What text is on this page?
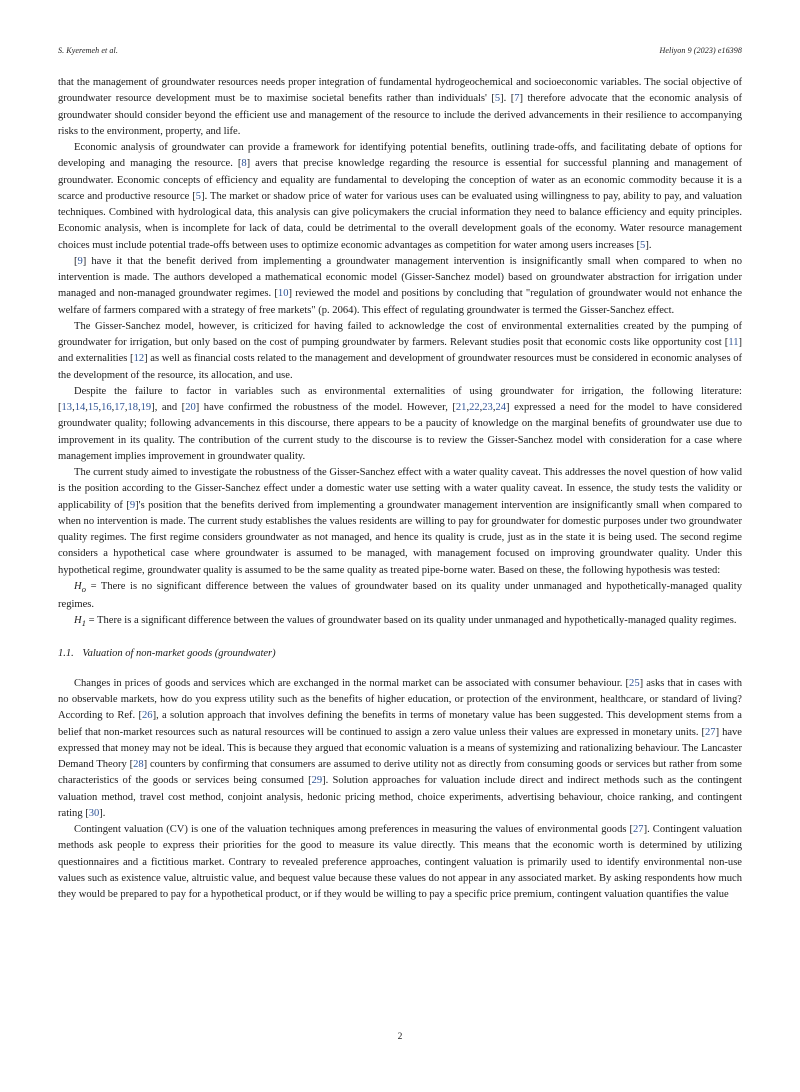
S. Kyeremeh et al.	Heliyon 9 (2023) e16398

that the management of groundwater resources needs proper integration of fundamental hydrogeochemical and socioeconomic variables. The social objective of groundwater resource development must be to maximise societal benefits rather than individuals' [5]. [7] therefore advocate that the economic analysis of groundwater should consider beyond the efficient use and management of the resource to include the derived advancements in their resilience to accompanying risks to the environment, property, and life.

Economic analysis of groundwater can provide a framework for identifying potential benefits, outlining trade-offs, and facilitating debate of options for developing and managing the resource. [8] avers that precise knowledge regarding the resource is essential for successful planning and management of groundwater. Economic concepts of efficiency and equality are fundamental to developing the conception of water as an economic commodity because it is a scarce and productive resource [5]. The market or shadow price of water for various uses can be evaluated using willingness to pay, ability to pay, and valuation techniques. Combined with hydrological data, this analysis can give policymakers the crucial information they need to balance efficiency and equity principles. Economic analysis, when is incomplete for lack of data, could be detrimental to the overall development goals of the economy. Water resource management choices must include potential trade-offs between uses to optimize economic advantages as competition for water among users increases [5].

[9] have it that the benefit derived from implementing a groundwater management intervention is insignificantly small when compared to when no intervention is made. The authors developed a mathematical economic model (Gisser-Sanchez model) based on groundwater abstraction for irrigation under managed and non-managed groundwater regimes. [10] reviewed the model and positions by concluding that "regulation of groundwater would not enhance the welfare of farmers compared with a strategy of free markets" (p. 2064). This effect of regulating groundwater is termed the Gisser-Sanchez effect.

The Gisser-Sanchez model, however, is criticized for having failed to acknowledge the cost of environmental externalities created by the pumping of groundwater for irrigation, but only based on the cost of pumping groundwater by farmers. Relevant studies posit that economic costs like opportunity cost [11] and externalities [12] as well as financial costs related to the management and development of groundwater resources must be considered in economic analyses of the development of the resource, its allocation, and use.

Despite the failure to factor in variables such as environmental externalities of using groundwater for irrigation, the following literature: [13,14,15,16,17,18,19], and [20] have confirmed the robustness of the model. However, [21,22,23,24] expressed a need for the model to have considered groundwater quality; following advancements in this discourse, there appears to be a paucity of knowledge on the marginal benefits of groundwater use due to improvement in its quality. The contribution of the current study to the discourse is to review the Gisser-Sanchez model with consideration for a case where management implies improvement in groundwater quality.

The current study aimed to investigate the robustness of the Gisser-Sanchez effect with a water quality caveat. This addresses the novel question of how valid is the position according to the Gisser-Sanchez effect under a domestic water use setting with a water quality caveat. In essence, the study tests the validity or applicability of [9]'s position that the benefits derived from implementing a groundwater management intervention are insignificantly small when compared to when no intervention is made. The current study establishes the values residents are willing to pay for groundwater for domestic purposes under two groundwater quality regimes. The first regime considers groundwater as not managed, and hence its quality is crude, just as in the state it is being used. The second regime considers a hypothetical case where groundwater is assumed to be managed, with management focused on improving groundwater quality. Under this hypothetical regime, groundwater quality is assumed to be the same quality as treated pipe-borne water. Based on these, the following hypothesis was tested:

$H_o$ = There is no significant difference between the values of groundwater based on its quality under unmanaged and hypothetically-managed quality regimes.

$H_1$ = There is a significant difference between the values of groundwater based on its quality under unmanaged and hypothetically-managed quality regimes.

1.1. Valuation of non-market goods (groundwater)

Changes in prices of goods and services which are exchanged in the normal market can be associated with consumer behaviour. [25] asks that in cases with no observable markets, how do you express utility such as the benefits of higher education, or protection of the environment, healthcare, or standard of living? According to Ref. [26], a solution approach that involves defining the benefits in terms of monetary value has been suggested. This development stems from a belief that non-market resources such as natural resources will be continued to assign a zero value unless their values are expressed in monetary units. [27] have expressed that money may not be ideal. This is because they argued that economic valuation is a means of systemizing and rationalizing behaviour. The Lancaster Demand Theory [28] counters by confirming that consumers are assumed to derive utility not as directly from consuming goods or services but rather from some characteristics of the goods or services being consumed [29]. Solution approaches for valuation include direct and indirect methods such as the contingent valuation method, travel cost method, conjoint analysis, hedonic pricing method, choice experiments, advertising behaviour, choice ranking, and contingent rating [30].

Contingent valuation (CV) is one of the valuation techniques among preferences in measuring the values of environmental goods [27]. Contingent valuation methods ask people to express their priorities for the good to measure its value directly. This means that the economic worth is determined by utilizing questionnaires and a fictitious market. Contrary to revealed preference approaches, contingent valuation is primarily used to identify environmental non-use values such as existence value, altruistic value, and bequest value because these values do not appear in any associated market. By asking respondents how much they would be prepared to pay for a hypothetical product, or if they would be willing to pay a specific price premium, contingent valuation quantifies the value

2
